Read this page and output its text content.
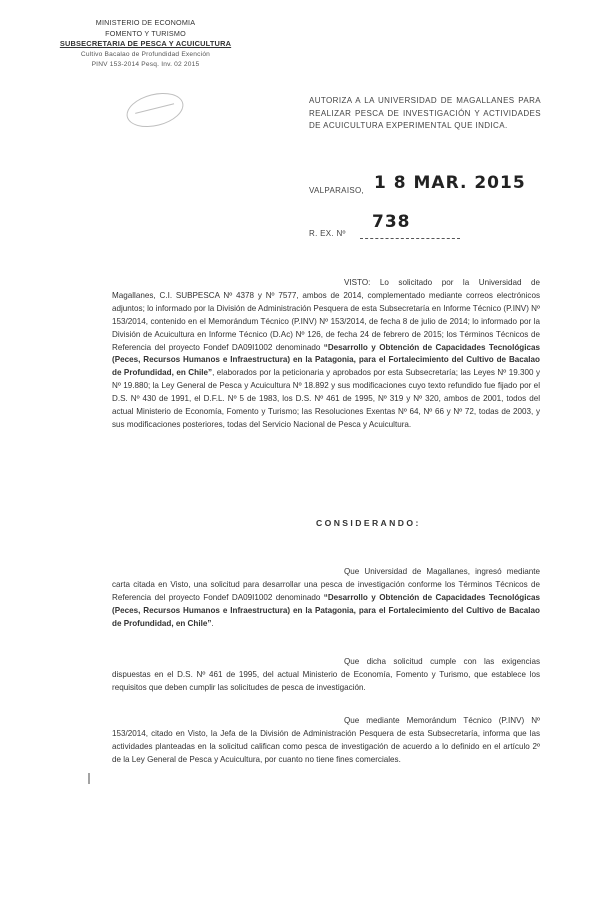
MINISTERIO DE ECONOMIA
FOMENTO Y TURISMO
SUBSECRETARIA DE PESCA Y ACUICULTURA
Cultivo Bacalao de Profundidad Exención
PINV 153-2014 Pesq. Inv. 02 2015
AUTORIZA A LA UNIVERSIDAD DE MAGALLANES PARA REALIZAR PESCA DE INVESTIGACIÓN Y ACTIVIDADES DE ACUICULTURA EXPERIMENTAL QUE INDICA.
VALPARAISO, 1 8 MAR. 2015
R. EX. Nº
738
VISTO: Lo solicitado por la Universidad de Magallanes, C.I. SUBPESCA Nº 4378 y Nº 7577, ambos de 2014, complementado mediante correos electrónicos adjuntos; lo informado por la División de Administración Pesquera de esta Subsecretaría en Informe Técnico (P.INV) Nº 153/2014, contenido en el Memorándum Técnico (P.INV) Nº 153/2014, de fecha 8 de julio de 2014; lo informado por la División de Acuicultura en Informe Técnico (D.Ac) Nº 126, de fecha 24 de febrero de 2015; los Términos Técnicos de Referencia del proyecto Fondef DA09I1002 denominado “Desarrollo y Obtención de Capacidades Tecnológicas (Peces, Recursos Humanos e Infraestructura) en la Patagonia, para el Fortalecimiento del Cultivo de Bacalao de Profundidad, en Chile”, elaborados por la peticionaria y aprobados por esta Subsecretaría; las Leyes Nº 19.300 y Nº 19.880; la Ley General de Pesca y Acuicultura Nº 18.892 y sus modificaciones cuyo texto refundido fue fijado por el D.S. Nº 430 de 1991, el D.F.L. Nº 5 de 1983, los D.S. Nº 461 de 1995, Nº 319 y Nº 320, ambos de 2001, todos del actual Ministerio de Economía, Fomento y Turismo; las Resoluciones Exentas Nº 64, Nº 66 y Nº 72, todas de 2003, y sus modificaciones posteriores, todas del Servicio Nacional de Pesca y Acuicultura.
CONSIDERANDO:
Que Universidad de Magallanes, ingresó mediante carta citada en Visto, una solicitud para desarrollar una pesca de investigación conforme los Términos Técnicos de Referencia del proyecto Fondef DA09I1002 denominado “Desarrollo y Obtención de Capacidades Tecnológicas (Peces, Recursos Humanos e Infraestructura) en la Patagonia, para el Fortalecimiento del Cultivo de Bacalao de Profundidad, en Chile”.
Que dicha solicitud cumple con las exigencias dispuestas en el D.S. Nº 461 de 1995, del actual Ministerio de Economía, Fomento y Turismo, que establece los requisitos que deben cumplir las solicitudes de pesca de investigación.
Que mediante Memorándum Técnico (P.INV) Nº 153/2014, citado en Visto, la Jefa de la División de Administración Pesquera de esta Subsecretaría, informa que las actividades planteadas en la solicitud califican como pesca de investigación de acuerdo a lo definido en el artículo 2º de la Ley General de Pesca y Acuicultura, por cuanto no tiene fines comerciales.
